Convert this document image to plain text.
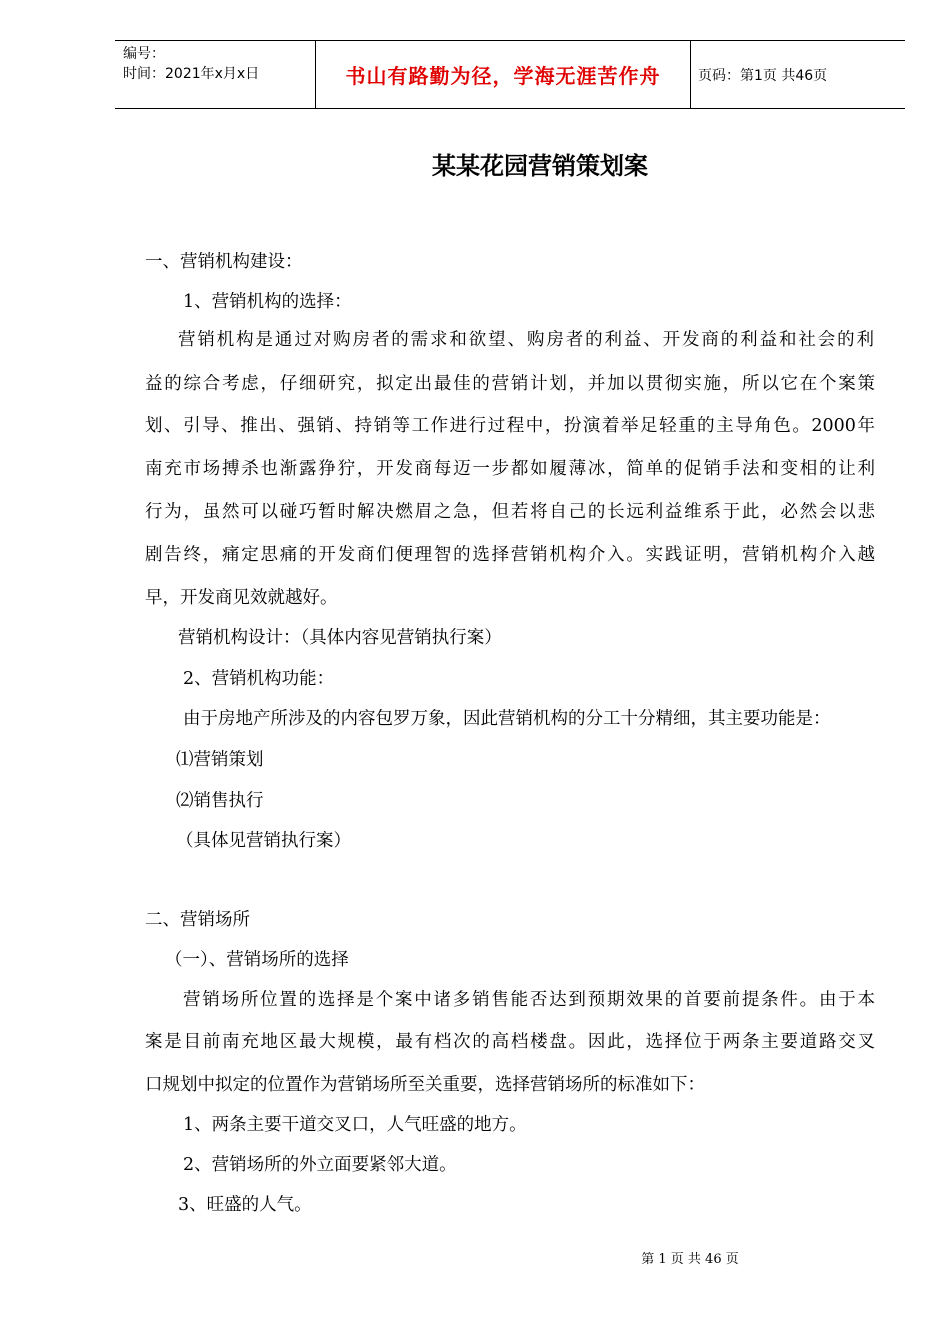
编号：
时间：2021年x月x日	书山有路勤为径，学海无涯苦作舟	页码：第1页 共46页
某某花园营销策划案
一、营销机构建设：
1、营销机构的选择：
营销机构是通过对购房者的需求和欲望、购房者的利益、开发商的利益和社会的利
益的综合考虑，仔细研究，拟定出最佳的营销计划，并加以贯彻实施，所以它在个案策
划、引导、推出、强销、持销等工作进行过程中，扮演着举足轻重的主导角色。2000年
南充市场搏杀也渐露狰狞，开发商每迈一步都如履薄冰，简单的促销手法和变相的让利
行为，虽然可以碰巧暂时解决燃眉之急，但若将自己的长远利益维系于此，必然会以悲
剧告终，痛定思痛的开发商们便理智的选择营销机构介入。实践证明，营销机构介入越
早，开发商见效就越好。
营销机构设计：（具体内容见营销执行案）
2、营销机构功能：
由于房地产所涉及的内容包罗万象，因此营销机构的分工十分精细，其主要功能是：
⑴营销策划
⑵销售执行
（具体见营销执行案）
二、营销场所
（一）、营销场所的选择
营销场所位置的选择是个案中诸多销售能否达到预期效果的首要前提条件。由于本
案是目前南充地区最大规模，最有档次的高档楼盘。因此，选择位于两条主要道路交叉
口规划中拟定的位置作为营销场所至关重要，选择营销场所的标准如下：
1、两条主要干道交叉口，人气旺盛的地方。
2、营销场所的外立面要紧邻大道。
3、旺盛的人气。
第 1 页 共 46 页
